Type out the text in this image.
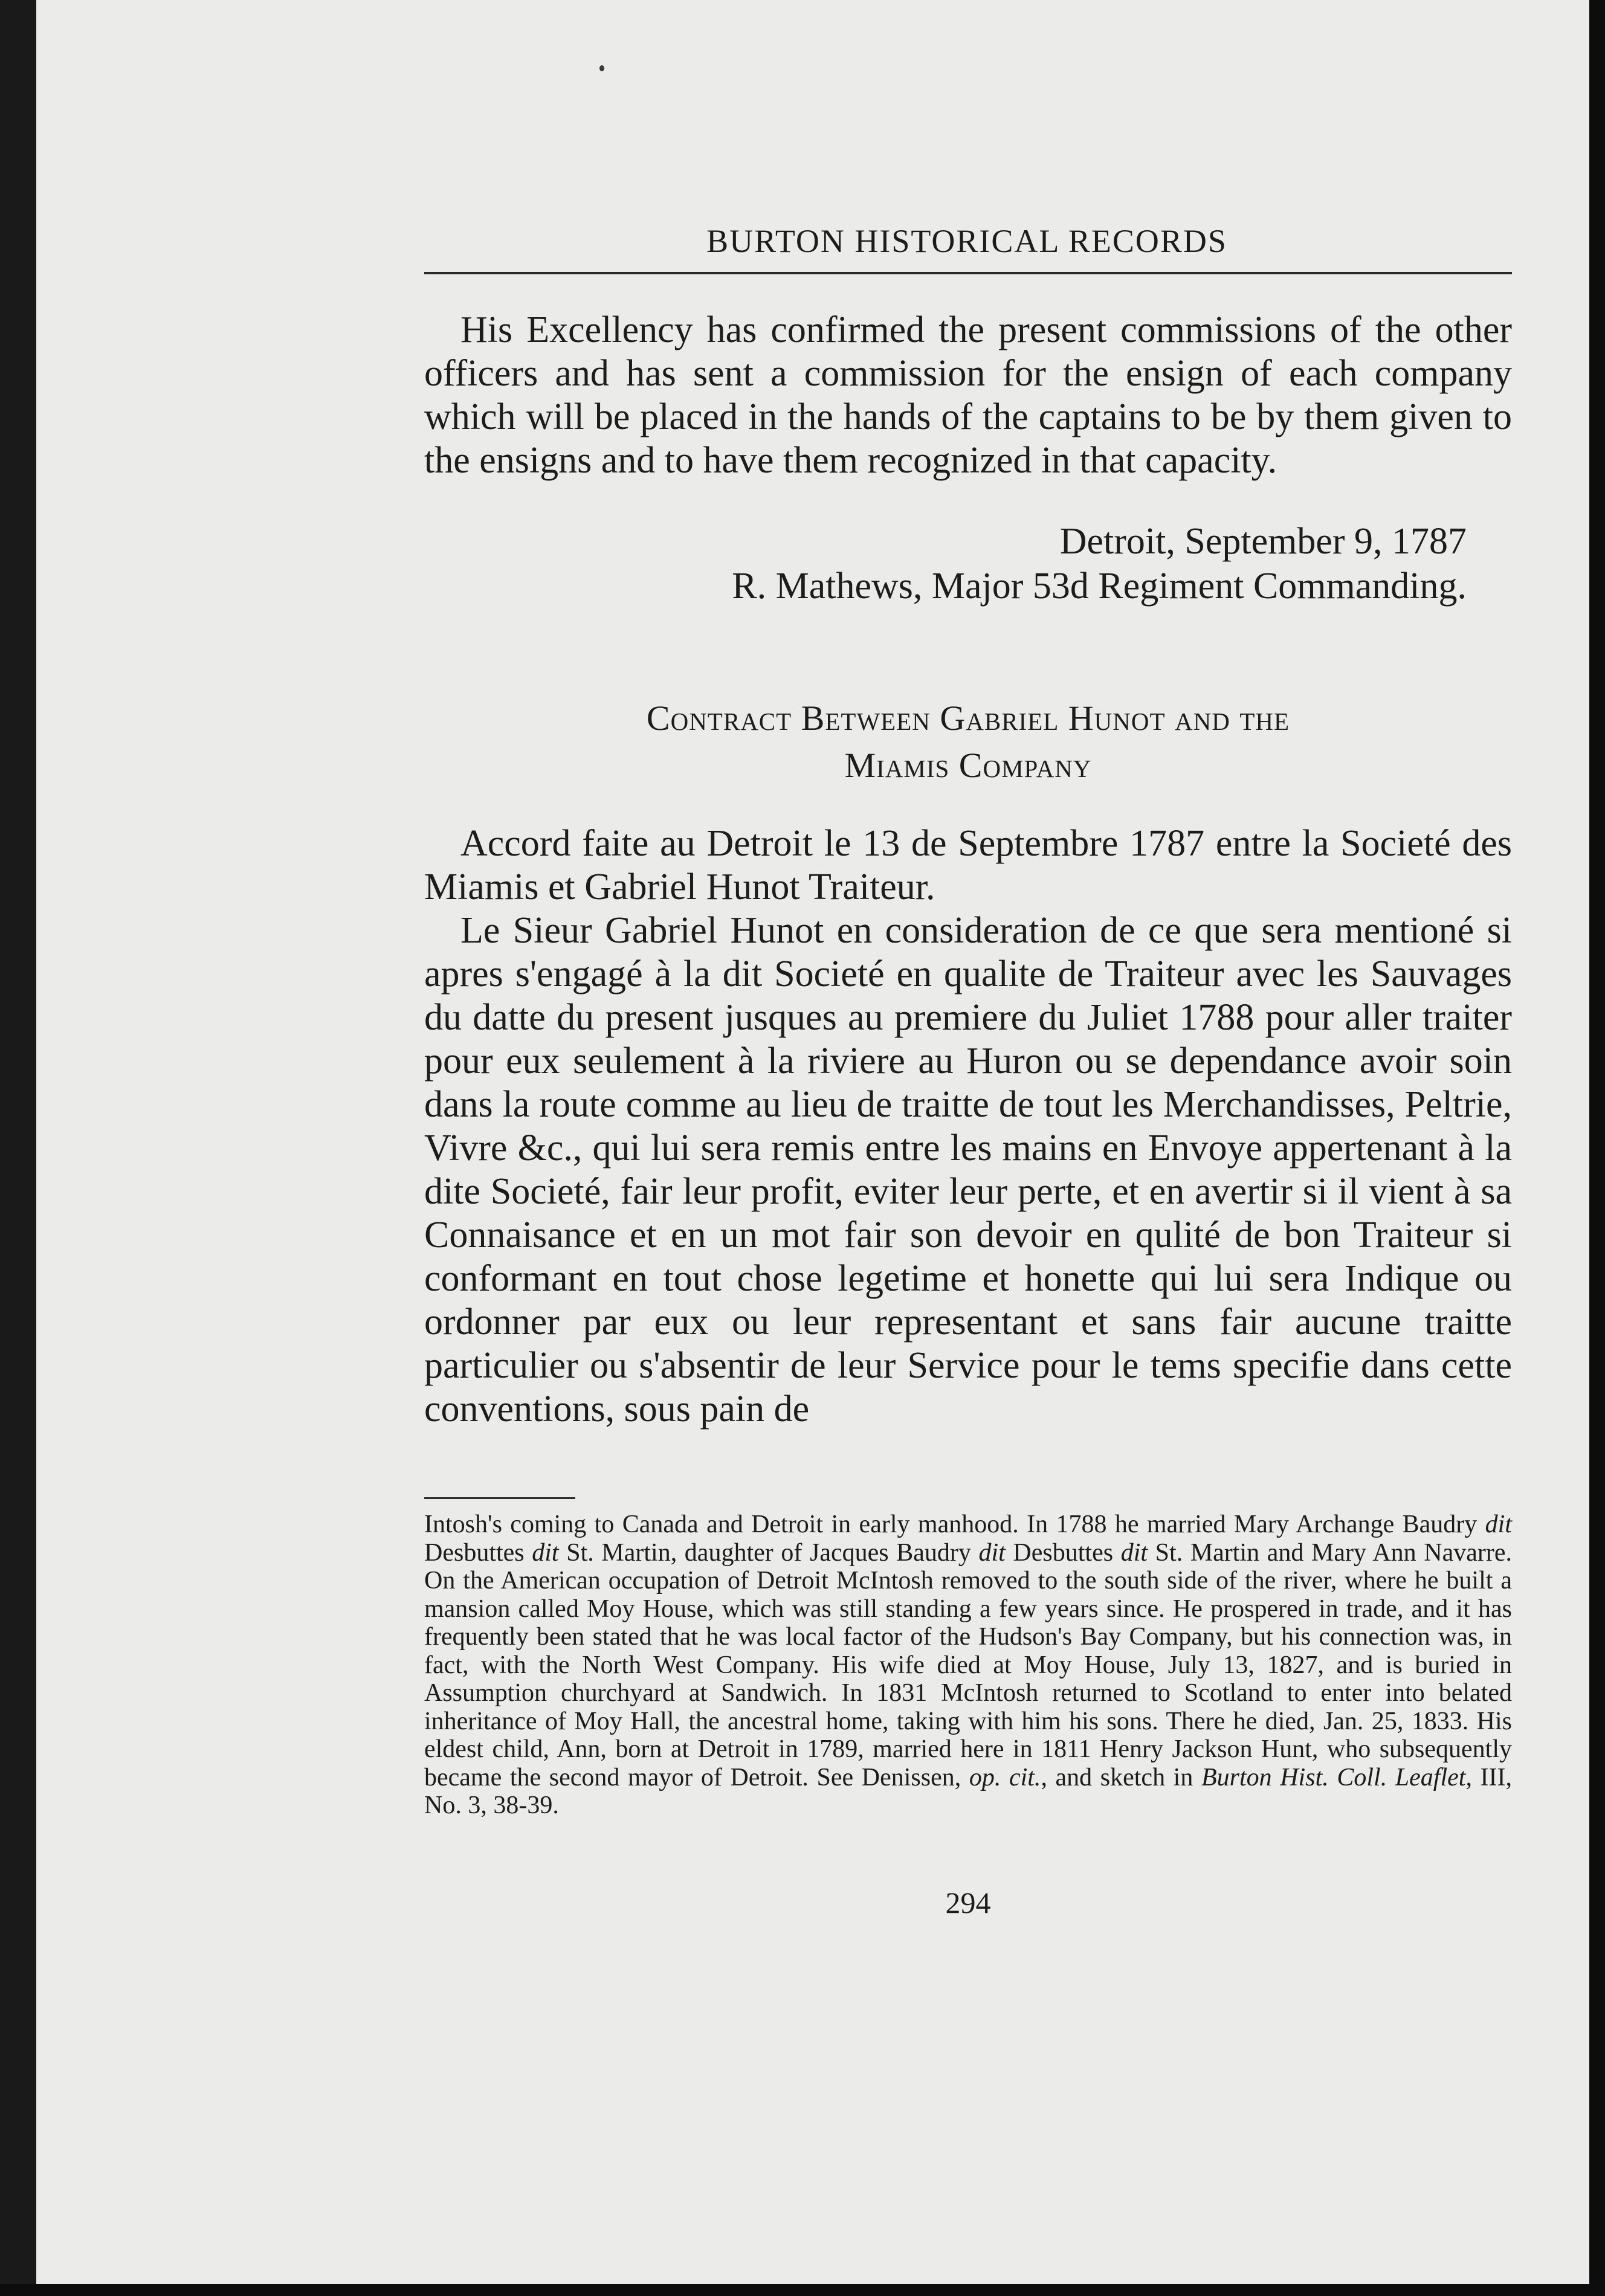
BURTON HISTORICAL RECORDS

His Excellency has confirmed the present commissions of the other officers and has sent a commission for the ensign of each company which will be placed in the hands of the captains to be by them given to the ensigns and to have them recognized in that capacity.

Detroit, September 9, 1787
R. Mathews, Major 53d Regiment Commanding.
Contract Between Gabriel Hunot and the
Miamis Company

Accord faite au Detroit le 13 de Septembre 1787 entre la Societé des Miamis et Gabriel Hunot Traiteur.

Le Sieur Gabriel Hunot en consideration de ce que sera mentioné si apres s'engagé à la dit Societé en qualite de Traiteur avec les Sauvages du datte du present jusques au premiere du Juliet 1788 pour aller traiter pour eux seulement à la riviere au Huron ou se dependance avoir soin dans la route comme au lieu de traitte de tout les Merchandisses, Peltrie, Vivre &c., qui lui sera remis entre les mains en Envoye appertenant à la dite Societé, fair leur profit, eviter leur perte, et en avertir si il vient à sa Connaisance et en un mot fair son devoir en qulité de bon Traiteur si conformant en tout chose legetime et honette qui lui sera Indique ou ordonner par eux ou leur representant et sans fair aucune traitte particulier ou s'absentir de leur Service pour le tems specifie dans cette conventions, sous pain de

Intosh's coming to Canada and Detroit in early manhood. In 1788 he married Mary Archange Baudry dit Desbuttes dit St. Martin, daughter of Jacques Baudry dit Desbuttes dit St. Martin and Mary Ann Navarre. On the American occupation of Detroit McIntosh removed to the south side of the river, where he built a mansion called Moy House, which was still standing a few years since. He prospered in trade, and it has frequently been stated that he was local factor of the Hudson's Bay Company, but his connection was, in fact, with the North West Company. His wife died at Moy House, July 13, 1827, and is buried in Assumption churchyard at Sandwich. In 1831 McIntosh returned to Scotland to enter into belated inheritance of Moy Hall, the ancestral home, taking with him his sons. There he died, Jan. 25, 1833. His eldest child, Ann, born at Detroit in 1789, married here in 1811 Henry Jackson Hunt, who subsequently became the second mayor of Detroit. See Denissen, op. cit., and sketch in Burton Hist. Coll. Leaflet, III, No. 3, 38-39.

294
